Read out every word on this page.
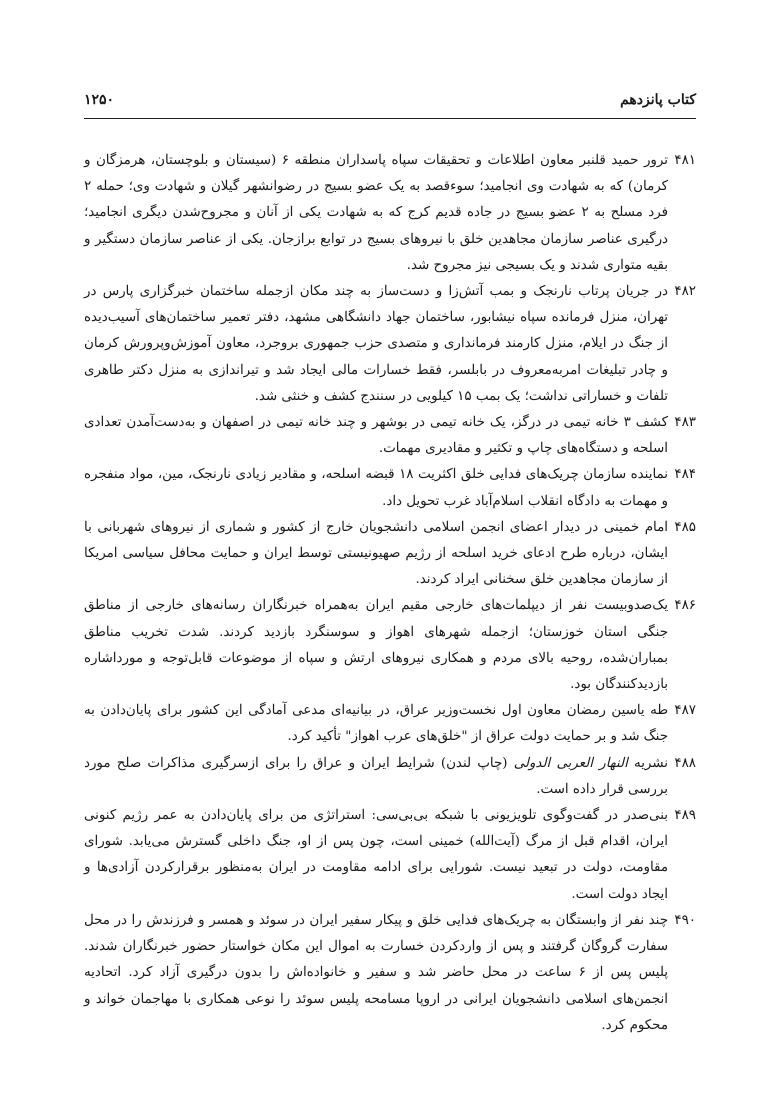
کتاب پانزدهم
۱۲۵۰

۴۸۱
ترور حمید قلنبر معاون اطلاعات و تحقیقات سپاه پاسداران منطقه ۶ (سیستان و بلوچستان، هرمزگان و کرمان) که به شهادت وی انجامید؛ سوءقصد به یک عضو بسیج در رضوانشهر گیلان و شهادت وی؛ حمله ۲ فرد مسلح به ۲ عضو بسیج در جاده قدیم کرج که به شهادت یکی از آنان و مجروح‌شدن دیگری انجامید؛ درگیری عناصر سازمان مجاهدین خلق با نیروهای بسیج در توابع برازجان. یکی از عناصر سازمان دستگیر و بقیه متواری شدند و یک بسیجی نیز مجروح شد.

۴۸۲
در جریان پرتاب نارنجک و بمب آتش‌زا و دست‌ساز به چند مکان ازجمله ساختمان خبرگزاری پارس در تهران، منزل فرمانده سپاه نیشابور، ساختمان جهاد دانشگاهی مشهد، دفتر تعمیر ساختمان‌های آسیب‌دیده از جنگ در ایلام، منزل کارمند فرمانداری و متصدی حزب جمهوری بروجرد، معاون آموزش‌وپرورش کرمان و چادر تبلیغات امربه‌معروف در بابلسر، فقط خسارات مالی ایجاد شد و تیراندازی به منزل دکتر طاهری تلفات و خساراتی نداشت؛ یک بمب ۱۵ کیلویی در سنندج کشف و خنثی شد.

۴۸۳
کشف ۳ خانه تیمی در درگز، یک خانه تیمی در بوشهر و چند خانه تیمی در اصفهان و به‌دست‌آمدن تعدادی اسلحه و دستگاه‌های چاپ و تکثیر و مقادیری مهمات.

۴۸۴
نماینده سازمان چریک‌های فدایی خلق اکثریت ۱۸ قبضه اسلحه، و مقادیر زیادی نارنجک، مین، مواد منفجره و مهمات به دادگاه انقلاب اسلام‌آباد غرب تحویل داد.

۴۸۵
امام خمینی در دیدار اعضای انجمن اسلامی دانشجویان خارج از کشور و شماری از نیروهای شهربانی با ایشان، درباره طرح ادعای خرید اسلحه از رژیم صهیونیستی توسط ایران و حمایت محافل سیاسی امریکا از سازمان مجاهدین خلق سخنانی ایراد کردند.

۴۸۶
یک‌صدوبیست نفر از دیپلمات‌های خارجی مقیم ایران به‌همراه خبرنگاران رسانه‌های خارجی از مناطق جنگی استان خوزستان؛ ازجمله شهرهای اهواز و سوسنگرد بازدید کردند. شدت تخریب مناطق بمباران‌شده، روحیه بالای مردم و همکاری نیروهای ارتش و سپاه از موضوعات قابل‌توجه و مورداشاره بازدیدکنندگان بود.

۴۸۷
طه یاسین رمضان معاون اول نخست‌وزیر عراق، در بیانیه‌ای مدعی آمادگی این کشور برای پایان‌دادن به جنگ شد و بر حمایت دولت عراق از "خلق‌های عرب اهواز" تأکید کرد.

۴۸۸
نشریه النهار العربی الدولی (چاپ لندن) شرایط ایران و عراق را برای ازسرگیری مذاکرات صلح مورد بررسی قرار داده است.

۴۸۹
بنی‌صدر در گفت‌وگوی تلویزیونی با شبکه بی‌بی‌سی: استراتژی من برای پایان‌دادن به عمر رژیم کنونی ایران، اقدام قبل از مرگ (آیت‌الله) خمینی است، چون پس از او، جنگ داخلی گسترش می‌یابد. شورای مقاومت، دولت در تبعید نیست. شورایی برای ادامه مقاومت در ایران به‌منظور برقرارکردن آزادی‌ها و ایجاد دولت است.

۴۹۰
چند نفر از وابستگان به چریک‌های فدایی خلق و پیکار سفیر ایران در سوئد و همسر و فرزندش را در محل سفارت گروگان گرفتند و پس از واردکردن خسارت به اموال این مکان خواستار حضور خبرنگاران شدند. پلیس پس از ۶ ساعت در محل حاضر شد و سفیر و خانواده‌اش را بدون درگیری آزاد کرد. اتحادیه انجمن‌های اسلامی دانشجویان ایرانی در اروپا مسامحه پلیس سوئد را نوعی همکاری با مهاجمان خواند و محکوم کرد.
